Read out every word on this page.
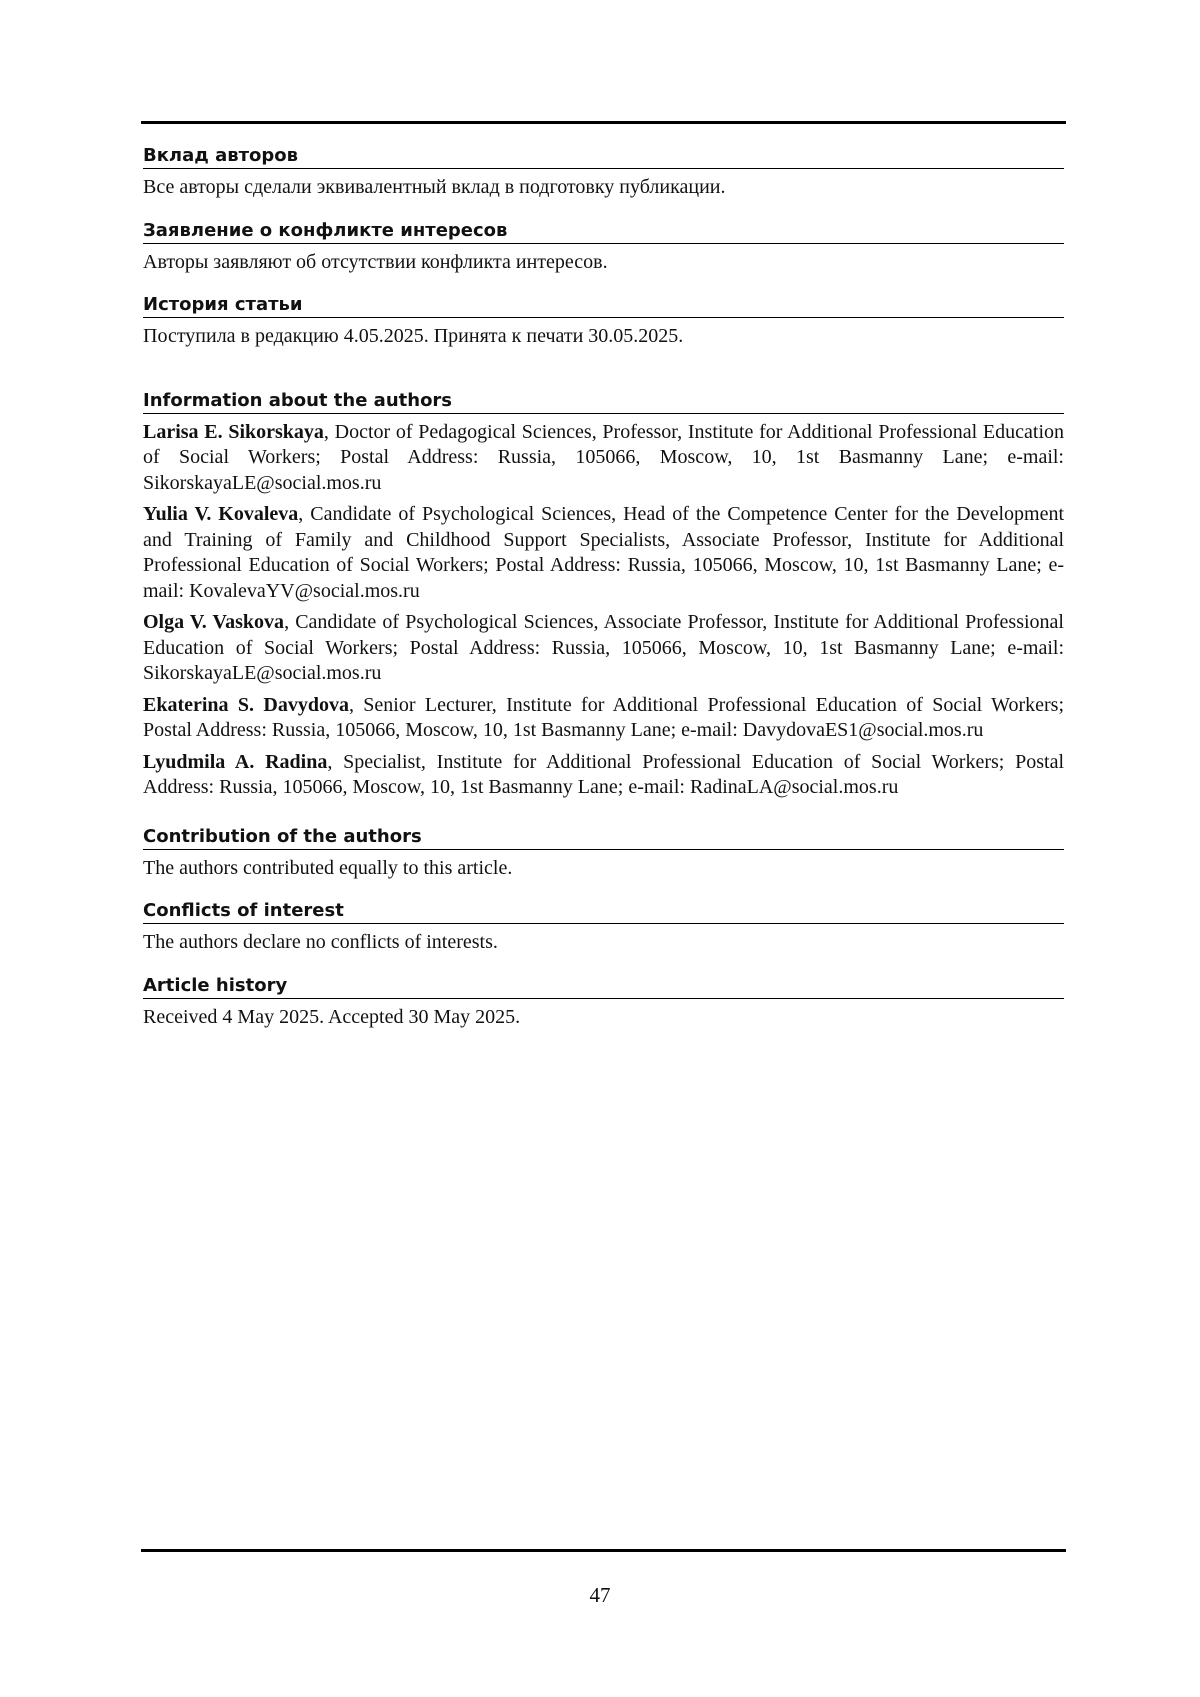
Вклад авторов

Все авторы сделали эквивалентный вклад в подготовку публикации.

Заявление о конфликте интересов

Авторы заявляют об отсутствии конфликта интересов.

История статьи

Поступила в редакцию 4.05.2025. Принята к печати 30.05.2025.

Information about the authors

Larisa E. Sikorskaya, Doctor of Pedagogical Sciences, Professor, Institute for Additional Profession­al Education of Social Workers; Postal Address: Russia, 105066, Moscow, 10, 1st Basmanny Lane; e-mail: SikorskayaLE@social.mos.ru

Yulia V. Kovaleva, Candidate of Psychological Sciences, Head of the Competence Center for the De­velopment and Training of Family and Childhood Support Specialists, Associate Professor, Institute for Additional Professional Education of Social Workers; Postal Address: Russia, 105066, Moscow, 10, 1st Basmanny Lane; e-mail: KovalevaYV@social.mos.ru

Olga V. Vaskova, Candidate of Psychological Sciences, Associate Professor, Institute for Additional Professional Education of Social Workers; Postal Address: Russia, 105066, Moscow, 10, 1st Basman­ny Lane; e-mail: SikorskayaLE@social.mos.ru

Ekaterina S. Davydova, Senior Lecturer, Institute for Additional Professional Education of Social Workers; Postal Address: Russia, 105066, Moscow, 10, 1st Basmanny Lane; e-mail: Davydo­vaES1@social.mos.ru

Lyudmila A. Radina, Specialist, Institute for Additional Professional Education of Social Workers; Postal Address: Russia, 105066, Moscow, 10, 1st Basmanny Lane; e-mail: RadinaLA@social.mos.ru

Contribution of the authors

The authors contributed equally to this article.

Conflicts of interest

The authors declare no conflicts of interests.

Article history

Received 4 May 2025. Accepted 30 May 2025.

47
